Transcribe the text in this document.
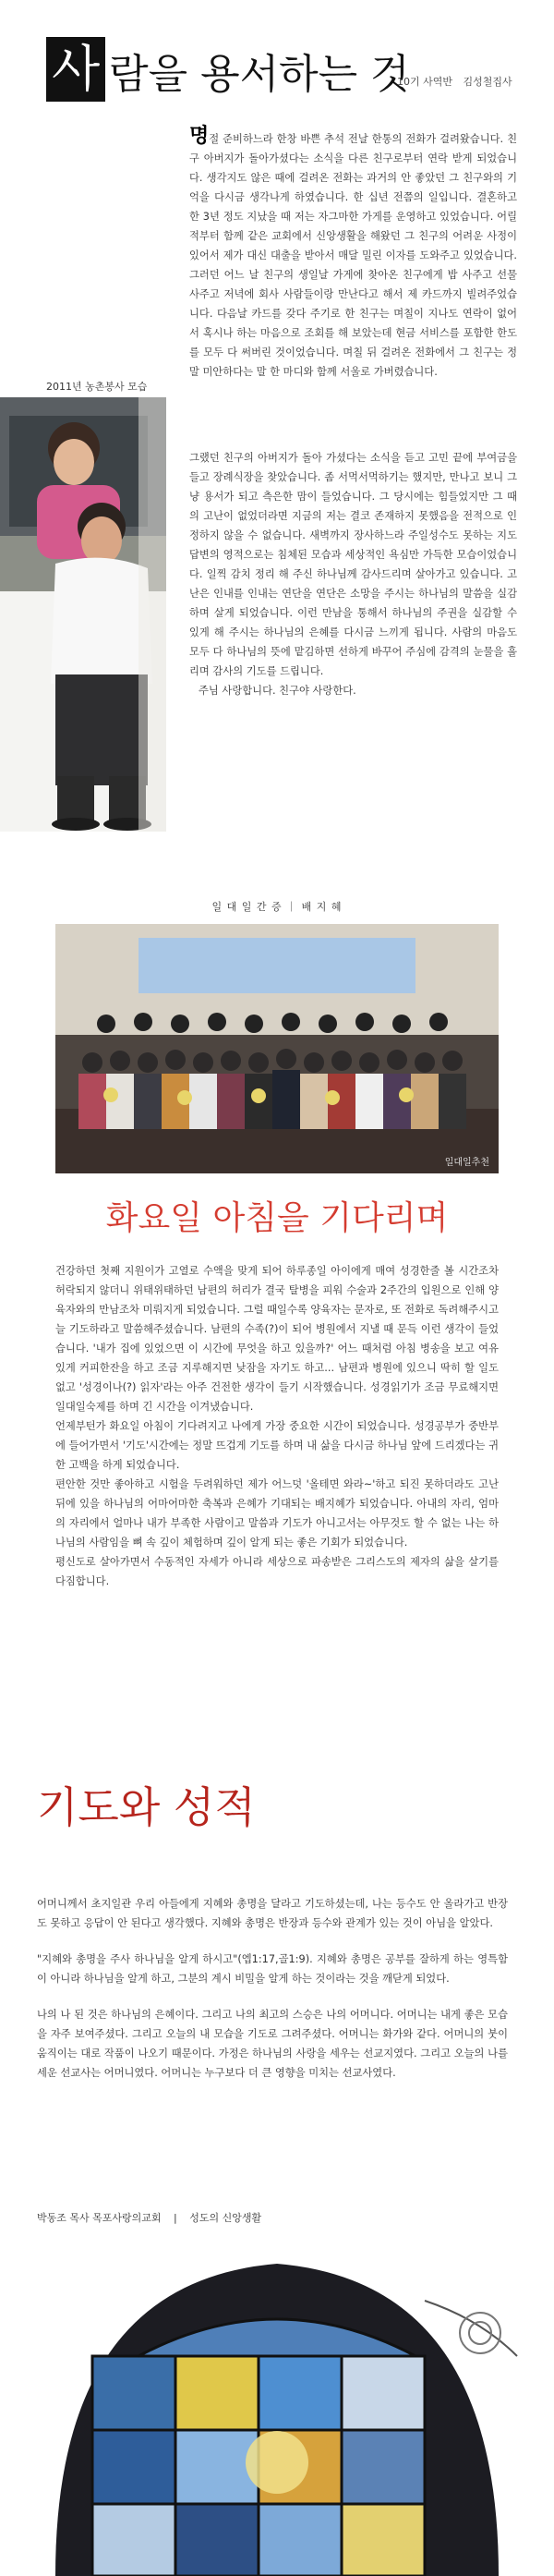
사 람을 용서하는 것
10기 사역반 김성철집사
2011년 농촌봉사 모습
명절 준비하느라 한창 바쁜 추석 전날 한통의 전화가 걸려왔습니다. 친구 아버지가 돌아가셨다는 소식을 다른 친구로부터 연락 받게 되었습니다. 생각지도 않은 때에 걸려온 전화는 과거의 안 좋았던 그 친구와의 기억을 다시금 생각나게 하였습니다. 한 십년 전쯤의 일입니다. 결혼하고 한 3년 정도 지났을 때 저는 자그마한 가게를 운영하고 있었습니다. 어릴 적부터 함께 같은 교회에서 신앙생활을 해왔던 그 친구의 어려운 사정이 있어서 제가 대신 대출을 받아서 매달 밀린 이자를 도와주고 있었습니다. 그러던 어느 날 친구의 생일날 가게에 찾아온 친구에게 밥 사주고 선물 사주고 저녁에 회사 사람들이랑 만난다고 해서 제 카드까지 빌려주었습니다. 다음날 카드를 갖다 주기로 한 친구는 며칠이 지나도 연락이 없어서 혹시나 하는 마음으로 조회를 해 보았는데 현금 서비스를 포함한 한도를 모두 다 써버린 것이었습니다. 며칠 뒤 걸려온 전화에서 그 친구는 정말 미안하다는 말 한 마디와 함께 서울로 가버렸습니다.
그랬던 친구의 아버지가 돌아 가셨다는 소식을 듣고 고민 끝에 부여금을 들고 장례식장을 찾았습니다. 좀 서먹서먹하기는 했지만, 만나고 보니 그냥 용서가 되고 측은한 맘이 들었습니다. 그 당시에는 힘들었지만 그 때의 고난이 없었더라면 지금의 저는 결코 존재하지 못했음을 전적으로 인정하지 않을 수 없습니다. 새벽까지 장사하느라 주일성수도 못하는 지도 답변의 영적으로는 침체된 모습과 세상적인 욕심만 가득한 모습이었습니다. 일찍 감치 정리 해 주신 하나님께 감사드리며 살아가고 있습니다. 고난은 인내를 인내는 연단을 연단은 소망을 주시는 하나님의 말씀을 실감하며 살게 되었습니다. 이런 만남을 통해서 하나님의 주권을 실감할 수 있게 해 주시는 하나님의 은혜를 다시금 느끼게 됩니다. 사람의 마음도 모두 다 하나님의 뜻에 맡김하면 선하게 바꾸어 주심에 감격의 눈물을 흘리며 감사의 기도를 드립니다.
주님 사랑합니다. 친구야 사랑한다.
일 대 일 간 증 ｜ 배 지 혜
일대일추천
화요일 아침을 기다리며
건강하던 첫째 지원이가 고열로 수액을 맞게 되어 하루종일 아이에게 매여 성경한줄 볼 시간조차 허락되지 않더니 위태위태하던 남편의 허리가 결국 탈병을 피워 수술과 2주간의 입원으로 인해 양육자와의 만남조차 미뤄지게 되었습니다. 그럴 때일수록 양육자는 문자로, 또 전화로 독려해주시고 늘 기도하라고 말씀해주셨습니다. 남편의 수족(?)이 되어 병원에서 지낼 때 문득 이런 생각이 들었습니다. '내가 집에 있었으면 이 시간에 무엇을 하고 있을까?' 어느 때처럼 아침 병송을 보고 여유있게 커피한잔을 하고 조금 지루해지면 낮잠을 자기도 하고... 남편과 병원에 있으니 딱히 할 일도 없고 '성경이나(?) 읽자'라는 아주 건전한 생각이 들기 시작했습니다. 성경읽기가 조금 무료해지면 일대일숙제를 하며 긴 시간을 이겨냈습니다.
언제부턴가 화요일 아침이 기다려지고 나에게 가장 중요한 시간이 되었습니다. 성경공부가 중반부에 들어가면서 '기도'시간에는 정말 뜨겁게 기도를 하며 내 삶을 다시금 하나님 앞에 드리겠다는 귀한 고백을 하게 되었습니다.
편안한 것만 좋아하고 시험을 두려워하던 제가 어느덧 '올테면 와라~'하고 되진 못하더라도 고난 뒤에 있을 하나님의 어마어마한 축복과 은혜가 기대되는 배지혜가 되었습니다. 아내의 자리, 엄마의 자리에서 얼마나 내가 부족한 사람이고 말씀과 기도가 아니고서는 아무것도 할 수 없는 나는 하나님의 사람임을 뼈 속 깊이 체험하며 깊이 알게 되는 좋은 기회가 되었습니다.
평신도로 살아가면서 수동적인 자세가 아니라 세상으로 파송받은 그리스도의 제자의 삶을 살기를 다짐합니다.
기도와 성적

어머니께서 초지일관 우리 아들에게 지혜와 총명을 달라고 기도하셨는데, 나는 등수도 안 올라가고 반장도 못하고 응답이 안 된다고 생각했다. 지혜와 총명은 반장과 등수와 관계가 있는 것이 아님을 알았다.

"지혜와 총명을 주사 하나님을 알게 하시고"(엡1:17,골1:9). 지혜와 총명은 공부를 잘하게 하는 영특함이 아니라 하나님을 알게 하고, 그분의 계시 비밀을 알게 하는 것이라는 것을 깨닫게 되었다.

나의 나 된 것은 하나님의 은혜이다. 그리고 나의 최고의 스승은 나의 어머니다. 어머니는 내게 좋은 모습을 자주 보여주셨다. 그리고 오늘의 내 모습을 기도로 그려주셨다. 어머니는 화가와 같다. 어머니의 붓이 움직이는 대로 작품이 나오기 때문이다. 가정은 하나님의 사랑을 세우는 선교지였다. 그리고 오늘의 나를 세운 선교사는 어머니였다. 어머니는 누구보다 더 큰 영향을 미치는 선교사였다.

박동조 목사 목포사랑의교회 | 성도의 신앙생활
